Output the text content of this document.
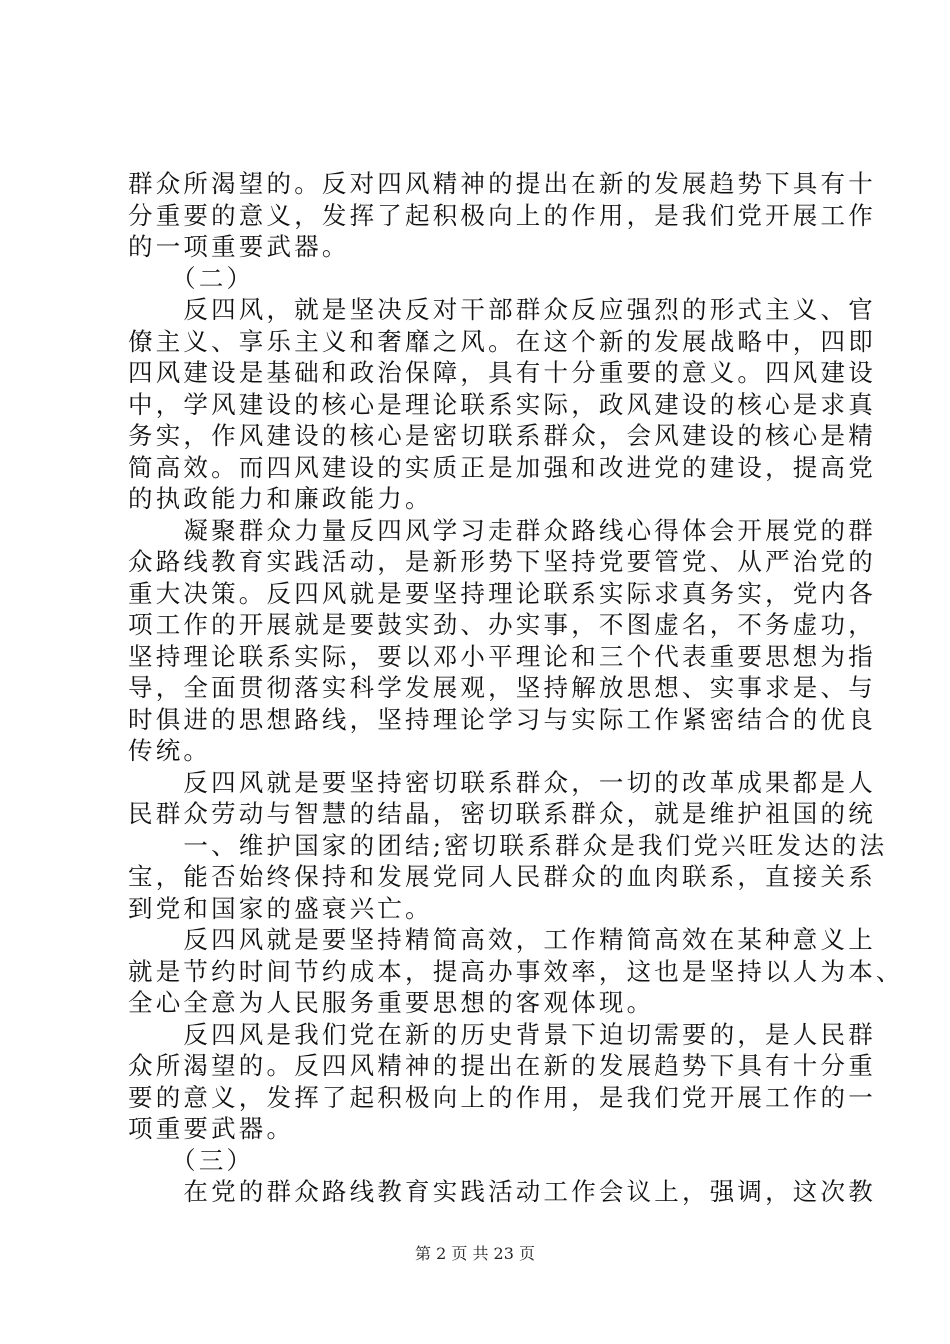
群众所渴望的。反对四风精神的提出在新的发展趋势下具有十
分重要的意义，发挥了起积极向上的作用，是我们党开展工作
的一项重要武器。
　　（二）
　　反四风，就是坚决反对干部群众反应强烈的形式主义、官
僚主义、享乐主义和奢靡之风。在这个新的发展战略中，四即
四风建设是基础和政治保障，具有十分重要的意义。四风建设
中，学风建设的核心是理论联系实际，政风建设的核心是求真
务实，作风建设的核心是密切联系群众，会风建设的核心是精
简高效。而四风建设的实质正是加强和改进党的建设，提高党
的执政能力和廉政能力。
　　凝聚群众力量反四风学习走群众路线心得体会开展党的群
众路线教育实践活动，是新形势下坚持党要管党、从严治党的
重大决策。反四风就是要坚持理论联系实际求真务实，党内各
项工作的开展就是要鼓实劲、办实事，不图虚名，不务虚功，
坚持理论联系实际，要以邓小平理论和三个代表重要思想为指
导，全面贯彻落实科学发展观，坚持解放思想、实事求是、与
时俱进的思想路线，坚持理论学习与实际工作紧密结合的优良
传统。
　　反四风就是要坚持密切联系群众，一切的改革成果都是人
民群众劳动与智慧的结晶，密切联系群众，就是维护祖国的统
　　一、维护国家的团结;密切联系群众是我们党兴旺发达的法
宝，能否始终保持和发展党同人民群众的血肉联系，直接关系
到党和国家的盛衰兴亡。
　　反四风就是要坚持精简高效，工作精简高效在某种意义上
就是节约时间节约成本，提高办事效率，这也是坚持以人为本、
全心全意为人民服务重要思想的客观体现。
　　反四风是我们党在新的历史背景下迫切需要的，是人民群
众所渴望的。反四风精神的提出在新的发展趋势下具有十分重
要的意义，发挥了起积极向上的作用，是我们党开展工作的一
项重要武器。
　　（三）
　　在党的群众路线教育实践活动工作会议上，强调，这次教
第 2 页 共 23 页
